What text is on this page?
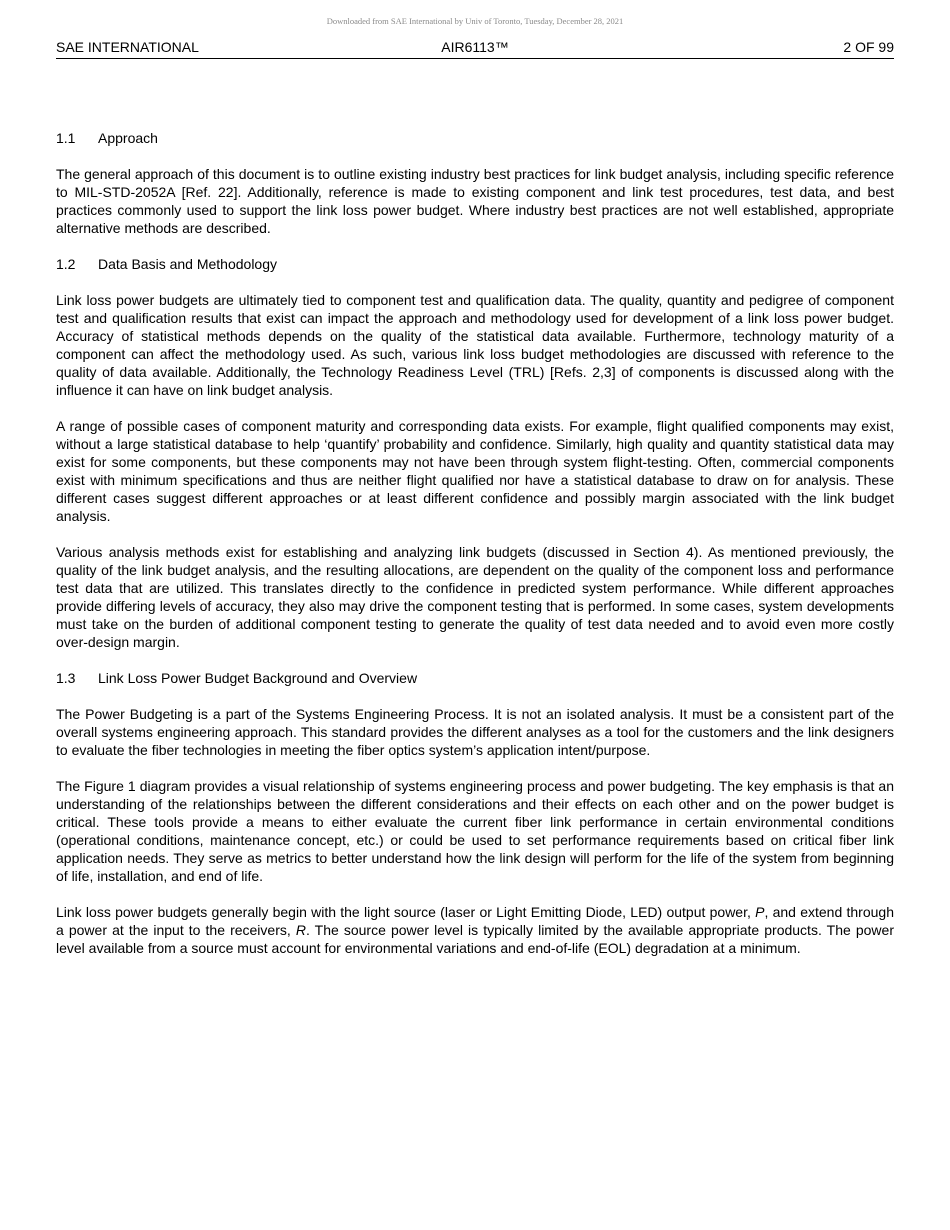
Downloaded from SAE International by Univ of Toronto, Tuesday, December 28, 2021
SAE INTERNATIONAL	AIR6113™	2 OF 99
1.1 Approach

The general approach of this document is to outline existing industry best practices for link budget analysis, including specific reference to MIL-STD-2052A [Ref. 22]. Additionally, reference is made to existing component and link test procedures, test data, and best practices commonly used to support the link loss power budget. Where industry best practices are not well established, appropriate alternative methods are described.

1.2 Data Basis and Methodology

Link loss power budgets are ultimately tied to component test and qualification data. The quality, quantity and pedigree of component test and qualification results that exist can impact the approach and methodology used for development of a link loss power budget. Accuracy of statistical methods depends on the quality of the statistical data available. Furthermore, technology maturity of a component can affect the methodology used. As such, various link loss budget methodologies are discussed with reference to the quality of data available. Additionally, the Technology Readiness Level (TRL) [Refs. 2,3] of components is discussed along with the influence it can have on link budget analysis.

A range of possible cases of component maturity and corresponding data exists. For example, flight qualified components may exist, without a large statistical database to help ‘quantify’ probability and confidence. Similarly, high quality and quantity statistical data may exist for some components, but these components may not have been through system flight-testing. Often, commercial components exist with minimum specifications and thus are neither flight qualified nor have a statistical database to draw on for analysis. These different cases suggest different approaches or at least different confidence and possibly margin associated with the link budget analysis.

Various analysis methods exist for establishing and analyzing link budgets (discussed in Section 4). As mentioned previously, the quality of the link budget analysis, and the resulting allocations, are dependent on the quality of the component loss and performance test data that are utilized. This translates directly to the confidence in predicted system performance. While different approaches provide differing levels of accuracy, they also may drive the component testing that is performed. In some cases, system developments must take on the burden of additional component testing to generate the quality of test data needed and to avoid even more costly over-design margin.

1.3 Link Loss Power Budget Background and Overview

The Power Budgeting is a part of the Systems Engineering Process. It is not an isolated analysis. It must be a consistent part of the overall systems engineering approach. This standard provides the different analyses as a tool for the customers and the link designers to evaluate the fiber technologies in meeting the fiber optics system’s application intent/purpose.

The Figure 1 diagram provides a visual relationship of systems engineering process and power budgeting. The key emphasis is that an understanding of the relationships between the different considerations and their effects on each other and on the power budget is critical. These tools provide a means to either evaluate the current fiber link performance in certain environmental conditions (operational conditions, maintenance concept, etc.) or could be used to set performance requirements based on critical fiber link application needs. They serve as metrics to better understand how the link design will perform for the life of the system from beginning of life, installation, and end of life.

Link loss power budgets generally begin with the light source (laser or Light Emitting Diode, LED) output power, P, and extend through a power at the input to the receivers, R. The source power level is typically limited by the available appropriate products. The power level available from a source must account for environmental variations and end-of-life (EOL) degradation at a minimum.
